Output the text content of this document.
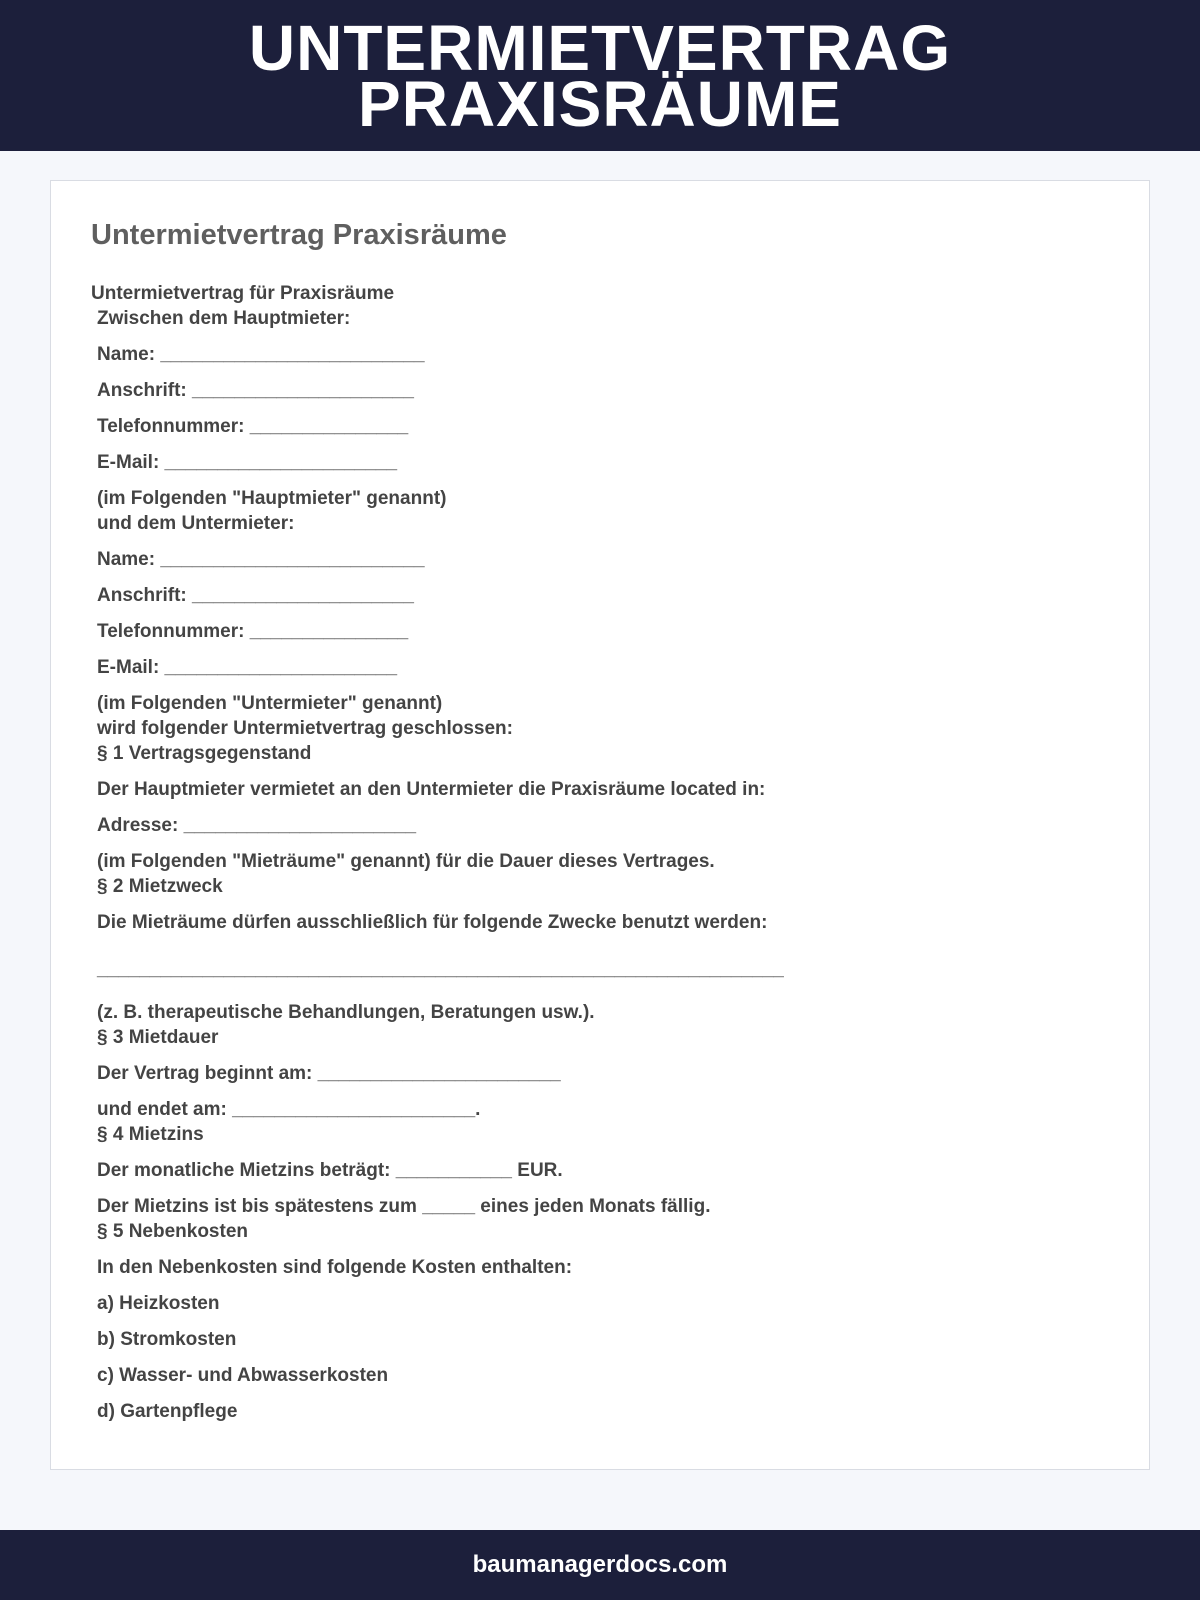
UNTERMIETVERTRAG
PRAXISRÄUME
Untermietvertrag Praxisräume
Untermietvertrag für Praxisräume
Zwischen dem Hauptmieter:
Name: _________________________
Anschrift: _____________________
Telefonnummer: _______________
E-Mail: ______________________
(im Folgenden "Hauptmieter" genannt)
und dem Untermieter:
Name: _________________________
Anschrift: _____________________
Telefonnummer: _______________
E-Mail: ______________________
(im Folgenden "Untermieter" genannt)
wird folgender Untermietvertrag geschlossen:
§ 1 Vertragsgegenstand
Der Hauptmieter vermietet an den Untermieter die Praxisräume located in:
Adresse: ______________________
(im Folgenden "Mieträume" genannt) für die Dauer dieses Vertrages.
§ 2 Mietzweck
Die Mieträume dürfen ausschließlich für folgende Zwecke benutzt werden:
_________________________________________________________________
(z. B. therapeutische Behandlungen, Beratungen usw.).
§ 3 Mietdauer
Der Vertrag beginnt am: _______________________
und endet am: _______________________.
§ 4 Mietzins
Der monatliche Mietzins beträgt: ___________ EUR.
Der Mietzins ist bis spätestens zum _____ eines jeden Monats fällig.
§ 5 Nebenkosten
In den Nebenkosten sind folgende Kosten enthalten:
a) Heizkosten
b) Stromkosten
c) Wasser- und Abwasserkosten
d) Gartenpflege
baumanagerdocs.com
